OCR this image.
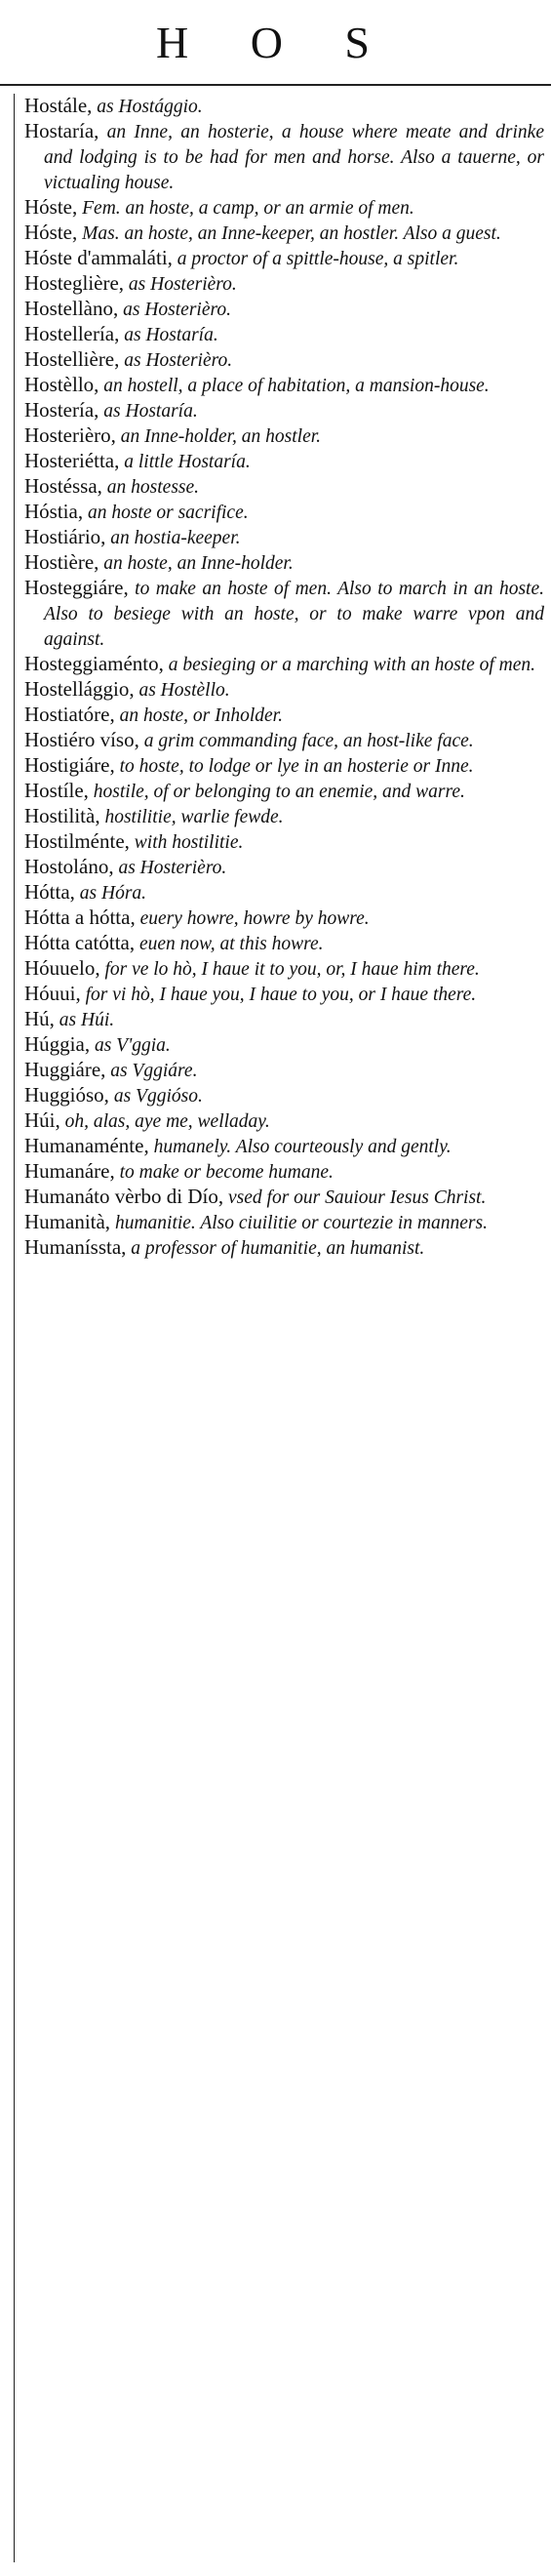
H O S
Hostále, as Hostággio.
Hostaría, an Inne, an hosterie, a house where meate and drinke and lodging is to be had for men and horse. Also a tauerne, or victualing house.
Hóste, Fem. an hoste, a camp, or an armie of men.
Hóste, Mas. an hoste, an Inne-keeper, an hostler. Also a guest.
Hóste d'ammaláti, a proctor of a spittle-house, a spitler.
Hosteglière, as Hosterièro.
Hostellàno, as Hosterièro.
Hostellería, as Hostaría.
Hostellière, as Hosterièro.
Hostèllo, an hostell, a place of habitation, a mansion-house.
Hostería, as Hostaría.
Hosterièro, an Inne-holder, an hostler.
Hosteriétta, a little Hostaría.
Hostéssa, an hostesse.
Hóstia, an hoste or sacrifice.
Hostiário, an hostia-keeper.
Hostière, an hoste, an Inne-holder.
Hosteggiáre, to make an hoste of men. Also to march in an hoste. Also to besiege with an hoste, or to make warre vpon and against.
Hosteggiaménto, a besieging or a marching with an hoste of men.
Hostellággio, as Hostèllo.
Hostiatóre, an hoste, or Inholder.
Hostiéro víso, a grim commanding face, an host-like face.
Hostigiáre, to hoste, to lodge or lye in an hosterie or Inne.
Hostíle, hostile, of or belonging to an enemie, and warre.
Hostilità, hostilitie, warlie fewde.
Hostilménte, with hostilitie.
Hostoláno, as Hosterièro.
Hótta, as Hóra.
Hótta a hótta, euery howre, howre by howre.
Hótta catótta, euen now, at this howre.
Hóuuelo, for ve lo hò, I haue it to you, or, I haue him there.
Hóuui, for vi hò, I haue you, I haue to you, or I haue there.
Hú, as Húi.
Húggia, as V'ggia.
Huggiáre, as Vggiáre.
Huggióso, as Vggióso.
Húi, oh, alas, aye me, welladay.
Humanaménte, humanely. Also courteously and gently.
Humanáre, to make or become humane.
Humanáto vèrbo di Dío, vsed for our Sauiour Iesus Christ.
Humanità, humanitie. Also ciuilitie or courtezie in manners.
Humaníssta, a professor of humanitie, an humanist.
